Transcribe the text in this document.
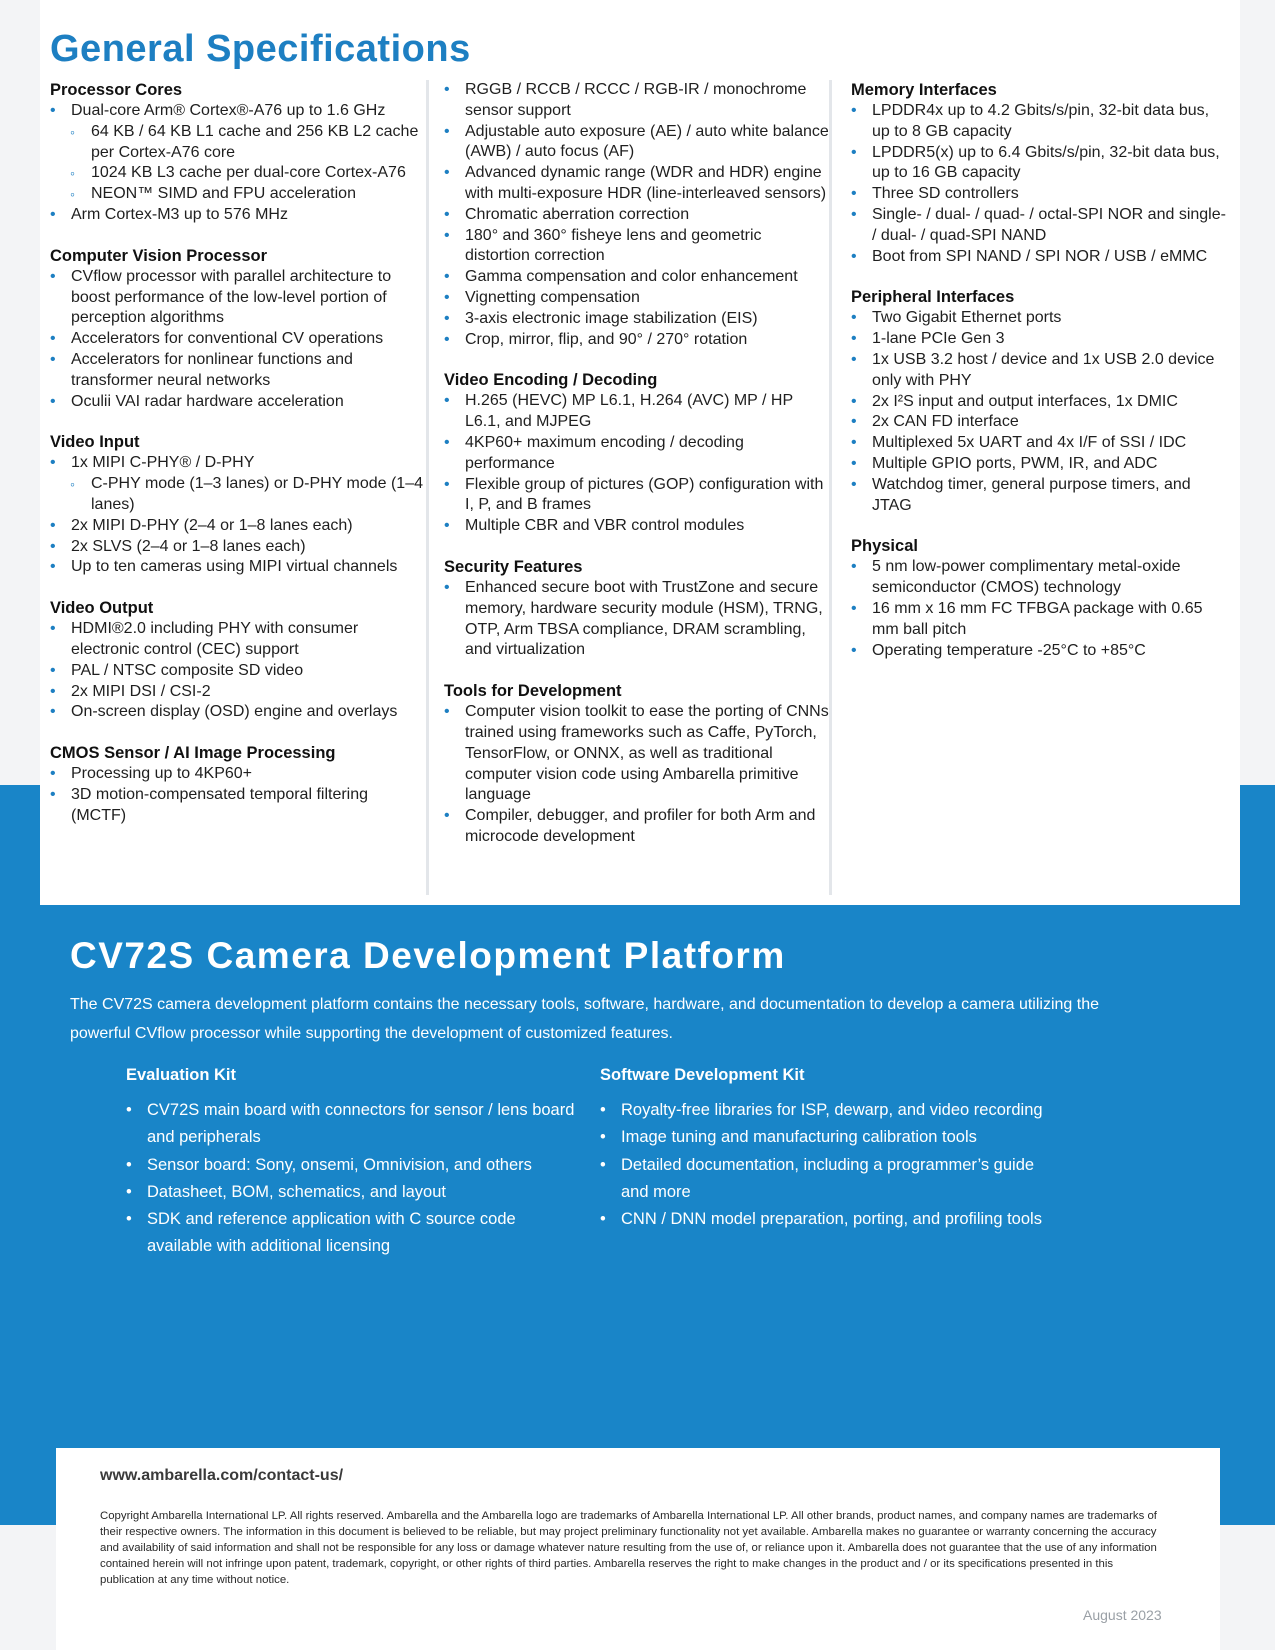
General Specifications
Processor Cores
• Dual-core Arm® Cortex®-A76 up to 1.6 GHz
◦ 64 KB / 64 KB L1 cache and 256 KB L2 cache per Cortex-A76 core
◦ 1024 KB L3 cache per dual-core Cortex-A76
◦ NEON™ SIMD and FPU acceleration
• Arm Cortex-M3 up to 576 MHz
Computer Vision Processor
• CVflow processor with parallel architecture to boost performance of the low-level portion of perception algorithms
• Accelerators for conventional CV operations
• Accelerators for nonlinear functions and transformer neural networks
• Oculii VAI radar hardware acceleration
Video Input
• 1x MIPI C-PHY® / D-PHY
◦ C-PHY mode (1–3 lanes) or D-PHY mode (1–4 lanes)
• 2x MIPI D-PHY (2–4 or 1–8 lanes each)
• 2x SLVS (2–4 or 1–8 lanes each)
• Up to ten cameras using MIPI virtual channels
Video Output
• HDMI®2.0 including PHY with consumer electronic control (CEC) support
• PAL / NTSC composite SD video
• 2x MIPI DSI / CSI-2
• On-screen display (OSD) engine and overlays
CMOS Sensor / AI Image Processing
• Processing up to 4KP60+
• 3D motion-compensated temporal filtering (MCTF)
• RGGB / RCCB / RCCC / RGB-IR / monochrome sensor support
• Adjustable auto exposure (AE) / auto white balance (AWB) / auto focus (AF)
• Advanced dynamic range (WDR and HDR) engine with multi-exposure HDR (line-interleaved sensors)
• Chromatic aberration correction
• 180° and 360° fisheye lens and geometric distortion correction
• Gamma compensation and color enhancement
• Vignetting compensation
• 3-axis electronic image stabilization (EIS)
• Crop, mirror, flip, and 90° / 270° rotation
Video Encoding / Decoding
• H.265 (HEVC) MP L6.1, H.264 (AVC) MP / HP L6.1, and MJPEG
• 4KP60+ maximum encoding / decoding performance
• Flexible group of pictures (GOP) configuration with I, P, and B frames
• Multiple CBR and VBR control modules
Security Features
• Enhanced secure boot with TrustZone and secure memory, hardware security module (HSM), TRNG, OTP, Arm TBSA compliance, DRAM scrambling, and virtualization
Tools for Development
• Computer vision toolkit to ease the porting of CNNs trained using frameworks such as Caffe, PyTorch, TensorFlow, or ONNX, as well as traditional computer vision code using Ambarella primitive language
• Compiler, debugger, and profiler for both Arm and microcode development
Memory Interfaces
• LPDDR4x up to 4.2 Gbits/s/pin, 32-bit data bus, up to 8 GB capacity
• LPDDR5(x) up to 6.4 Gbits/s/pin, 32-bit data bus, up to 16 GB capacity
• Three SD controllers
• Single- / dual- / quad- / octal-SPI NOR and single- / dual- / quad-SPI NAND
• Boot from SPI NAND / SPI NOR / USB / eMMC
Peripheral Interfaces
• Two Gigabit Ethernet ports
• 1-lane PCIe Gen 3
• 1x USB 3.2 host / device and 1x USB 2.0 device only with PHY
• 2x I²S input and output interfaces, 1x DMIC
• 2x CAN FD interface
• Multiplexed 5x UART and 4x I/F of SSI / IDC
• Multiple GPIO ports, PWM, IR, and ADC
• Watchdog timer, general purpose timers, and JTAG
Physical
• 5 nm low-power complimentary metal-oxide semiconductor (CMOS) technology
• 16 mm x 16 mm FC TFBGA package with 0.65 mm ball pitch
• Operating temperature -25°C to +85°C
CV72S Camera Development Platform

The CV72S camera development platform contains the necessary tools, software, hardware, and documentation to develop a camera utilizing the powerful CVflow processor while supporting the development of customized features.

Evaluation Kit
• CV72S main board with connectors for sensor / lens board and peripherals
• Sensor board: Sony, onsemi, Omnivision, and others
• Datasheet, BOM, schematics, and layout
• SDK and reference application with C source code available with additional licensing
Software Development Kit
• Royalty-free libraries for ISP, dewarp, and video recording
• Image tuning and manufacturing calibration tools
• Detailed documentation, including a programmer’s guide and more
• CNN / DNN model preparation, porting, and profiling tools
www.ambarella.com/contact-us/

Copyright Ambarella International LP. All rights reserved. Ambarella and the Ambarella logo are trademarks of Ambarella International LP. All other brands, product names, and company names are trademarks of their respective owners. The information in this document is believed to be reliable, but may project preliminary functionality not yet available. Ambarella makes no guarantee or warranty concerning the accuracy and availability of said information and shall not be responsible for any loss or damage whatever nature resulting from the use of, or reliance upon it. Ambarella does not guarantee that the use of any information contained herein will not infringe upon patent, trademark, copyright, or other rights of third parties. Ambarella reserves the right to make changes in the product and / or its specifications presented in this publication at any time without notice.

August 2023
